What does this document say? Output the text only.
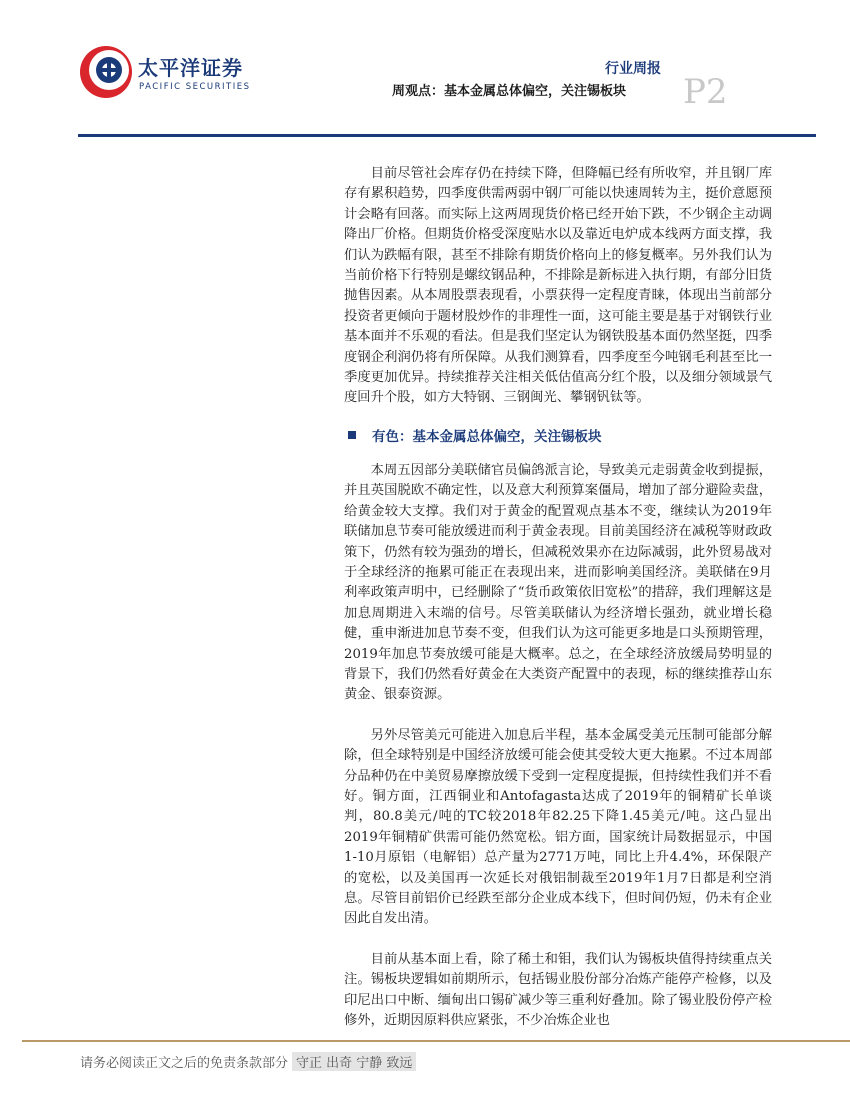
太平洋证券
PACIFIC SECURITIES
行业周报
周观点：基本金属总体偏空，关注锡板块 P2

目前尽管社会库存仍在持续下降，但降幅已经有所收窄，并且钢厂库存有累积趋势，四季度供需两弱中钢厂可能以快速周转为主，挺价意愿预计会略有回落。而实际上这两周现货价格已经开始下跌，不少钢企主动调降出厂价格。但期货价格受深度贴水以及靠近电炉成本线两方面支撑，我们认为跌幅有限，甚至不排除有期货价格向上的修复概率。另外我们认为当前价格下行特别是螺纹钢品种，不排除是新标进入执行期，有部分旧货抛售因素。从本周股票表现看，小票获得一定程度青睐，体现出当前部分投资者更倾向于题材股炒作的非理性一面，这可能主要是基于对钢铁行业基本面并不乐观的看法。但是我们坚定认为钢铁股基本面仍然坚挺，四季度钢企利润仍将有所保障。从我们测算看，四季度至今吨钢毛利甚至比一季度更加优异。持续推荐关注相关低估值高分红个股，以及细分领域景气度回升个股，如方大特钢、三钢闽光、攀钢钒钛等。

有色：基本金属总体偏空，关注锡板块

本周五因部分美联储官员偏鸽派言论，导致美元走弱黄金收到提振，并且英国脱欧不确定性，以及意大利预算案僵局，增加了部分避险卖盘，给黄金较大支撑。我们对于黄金的配置观点基本不变，继续认为2019年联储加息节奏可能放缓进而利于黄金表现。目前美国经济在减税等财政政策下，仍然有较为强劲的增长，但减税效果亦在边际减弱，此外贸易战对于全球经济的拖累可能正在表现出来，进而影响美国经济。美联储在9月利率政策声明中，已经删除了“货币政策依旧宽松”的措辞，我们理解这是加息周期进入末端的信号。尽管美联储认为经济增长强劲，就业增长稳健，重申渐进加息节奏不变，但我们认为这可能更多地是口头预期管理，2019年加息节奏放缓可能是大概率。总之，在全球经济放缓局势明显的背景下，我们仍然看好黄金在大类资产配置中的表现，标的继续推荐山东黄金、银泰资源。

另外尽管美元可能进入加息后半程，基本金属受美元压制可能部分解除，但全球特别是中国经济放缓可能会使其受较大更大拖累。不过本周部分品种仍在中美贸易摩擦放缓下受到一定程度提振，但持续性我们并不看好。铜方面，江西铜业和Antofagasta达成了2019年的铜精矿长单谈判，80.8美元/吨的TC较2018年82.25下降1.45美元/吨。这凸显出2019年铜精矿供需可能仍然宽松。铝方面，国家统计局数据显示，中国1-10月原铝（电解铝）总产量为2771万吨，同比上升4.4%，环保限产的宽松，以及美国再一次延长对俄铝制裁至2019年1月7日都是利空消息。尽管目前铝价已经跌至部分企业成本线下，但时间仍短，仍未有企业因此自发出清。

目前从基本面上看，除了稀土和钼，我们认为锡板块值得持续重点关注。锡板块逻辑如前期所示，包括锡业股份部分冶炼产能停产检修，以及印尼出口中断、缅甸出口锡矿减少等三重利好叠加。除了锡业股份停产检修外，近期因原料供应紧张，不少冶炼企业也

请务必阅读正文之后的免责条款部分 守正 出奇 宁静 致远
